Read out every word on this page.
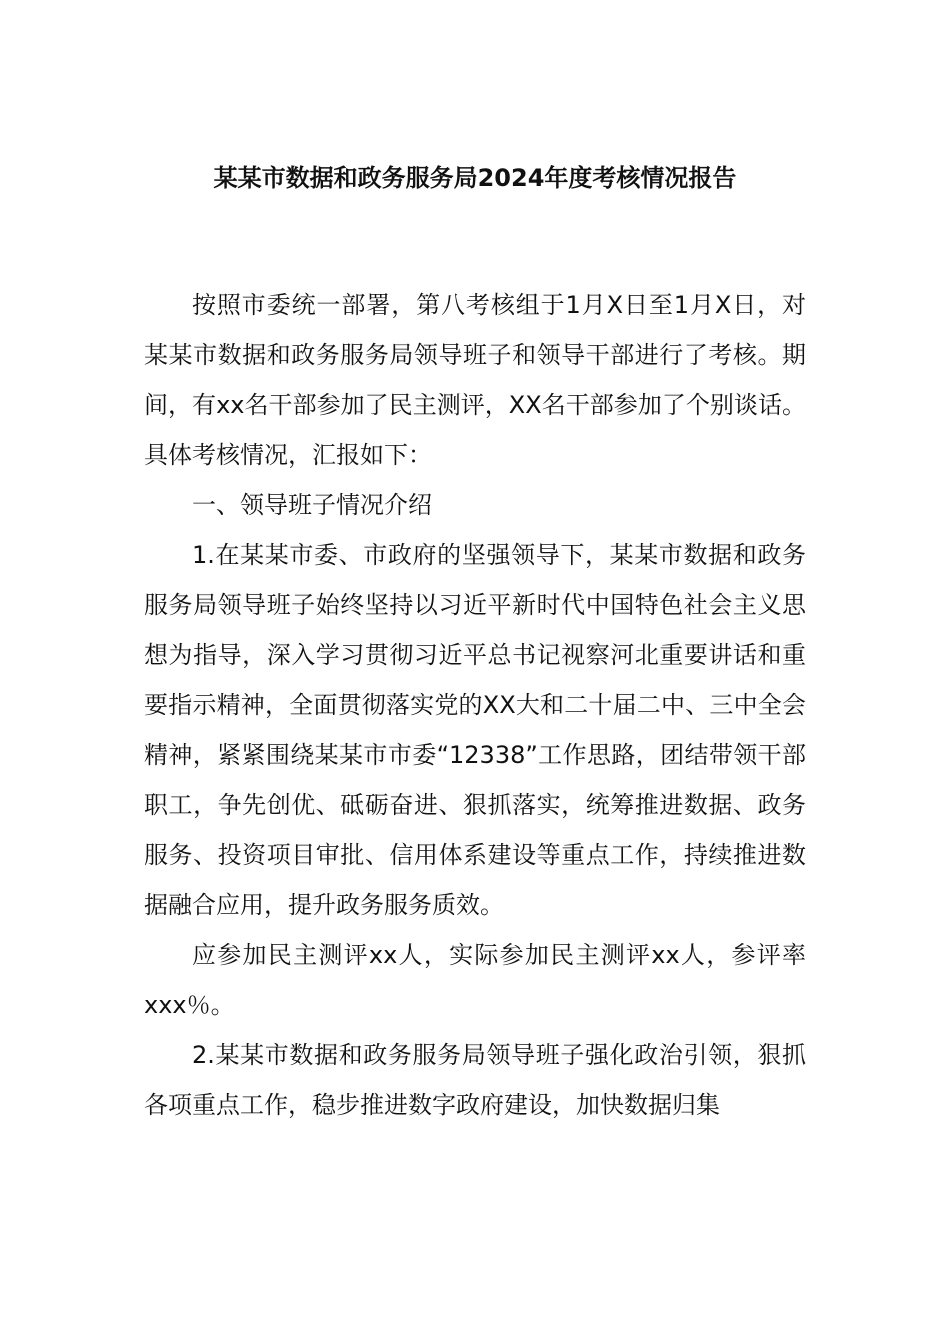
某某市数据和政务服务局2024年度考核情况报告

按照市委统一部署，第八考核组于1月X日至1月X日，对某某市数据和政务服务局领导班子和领导干部进行了考核。期间，有xx名干部参加了民主测评，XX名干部参加了个别谈话。具体考核情况，汇报如下：

一、领导班子情况介绍

1.在某某市委、市政府的坚强领导下，某某市数据和政务服务局领导班子始终坚持以习近平新时代中国特色社会主义思想为指导，深入学习贯彻习近平总书记视察河北重要讲话和重要指示精神，全面贯彻落实党的XX大和二十届二中、三中全会精神，紧紧围绕某某市市委“12338”工作思路，团结带领干部职工，争先创优、砥砺奋进、狠抓落实，统筹推进数据、政务服务、投资项目审批、信用体系建设等重点工作，持续推进数据融合应用，提升政务服务质效。

应参加民主测评xx人，实际参加民主测评xx人，参评率xxx％。

2.某某市数据和政务服务局领导班子强化政治引领，狠抓各项重点工作，稳步推进数字政府建设，加快数据归集
